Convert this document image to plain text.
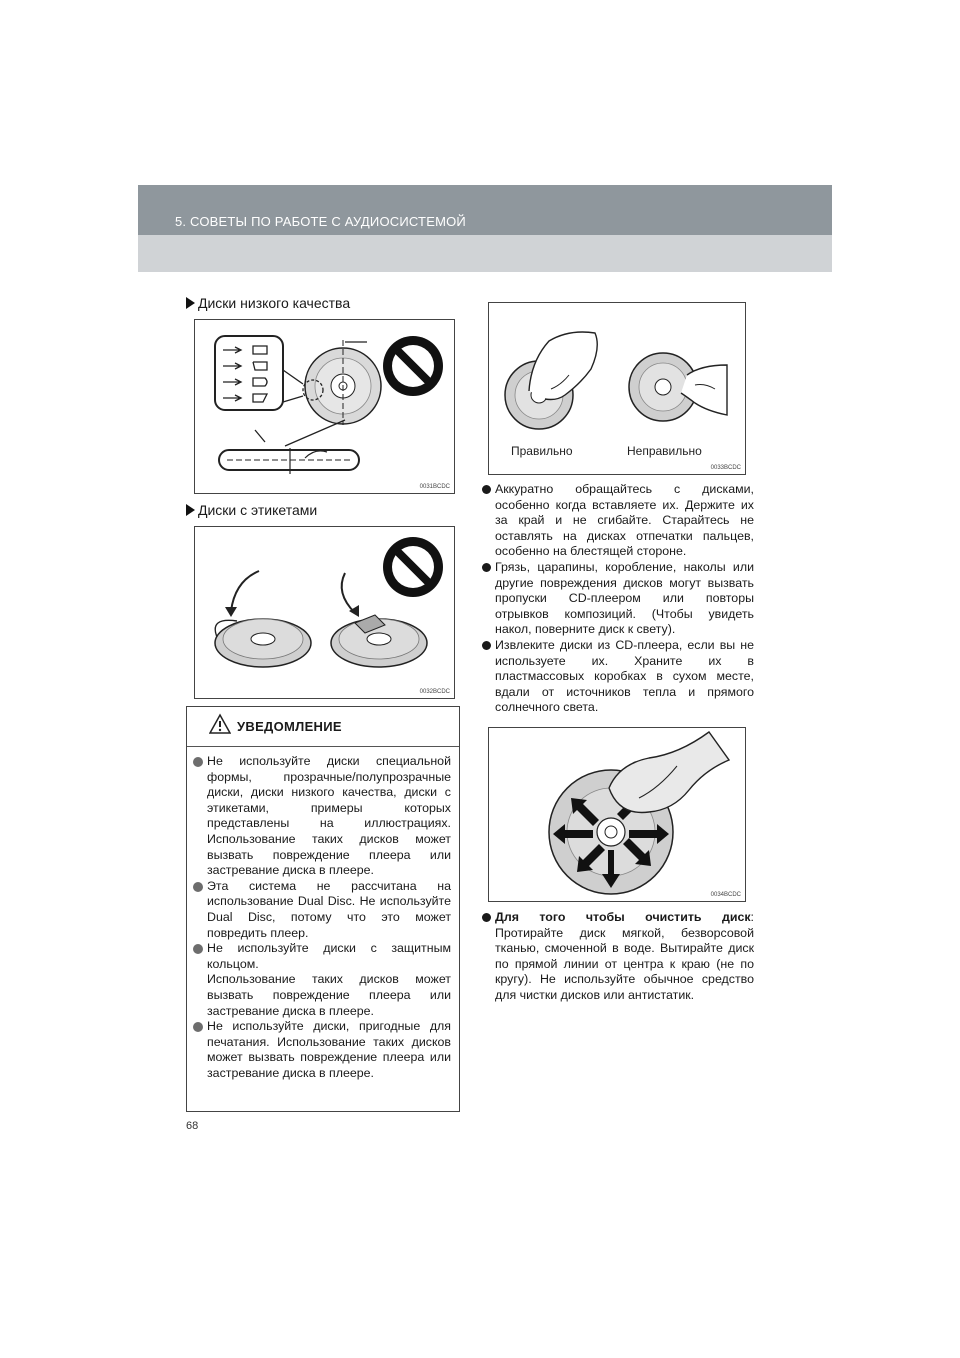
5. СОВЕТЫ ПО РАБОТЕ С АУДИОСИСТЕМОЙ
Диски низкого качества
0031BCDC
Диски с этикетами
0032BCDC
УВЕДОМЛЕНИЕ

Не используйте диски специальной формы, прозрачные/полупрозрачные диски, диски низкого качества, диски с этикетами, примеры которых представлены на иллюстрациях. Использование таких дисков может вызвать повреждение плеера или застревание диска в плеере.

Эта система не рассчитана на использование Dual Disc. Не используйте Dual Disc, потому что это может повредить плеер.

Не используйте диски с защитным кольцом.

Использование таких дисков может вызвать повреждение плеера или застревание диска в плеере.

Не используйте диски, пригодные для печатания. Использование таких дисков может вызвать повреждение плеера или застревание диска в плеере.

Правильно	Неправильно
0033BCDC

Аккуратно обращайтесь с дисками, особенно когда вставляете их. Держите их за край и не сгибайте. Старайтесь не оставлять на дисках отпечатки пальцев, особенно на блестящей стороне.

Грязь, царапины, коробление, наколы или другие повреждения дисков могут вызвать пропуски CD-плеером или повторы отрывков композиций. (Чтобы увидеть накол, поверните диск к свету).

Извлеките диски из CD-плеера, если вы не используете их. Храните их в пластмассовых коробках в сухом месте, вдали от источников тепла и прямого солнечного света.

0034BCDC

Для того чтобы очистить диск: Протирайте диск мягкой, безворсовой тканью, смоченной в воде. Вытирайте диск по прямой линии от центра к краю (не по кругу). Не используйте обычное средство для чистки дисков или антистатик.

68
